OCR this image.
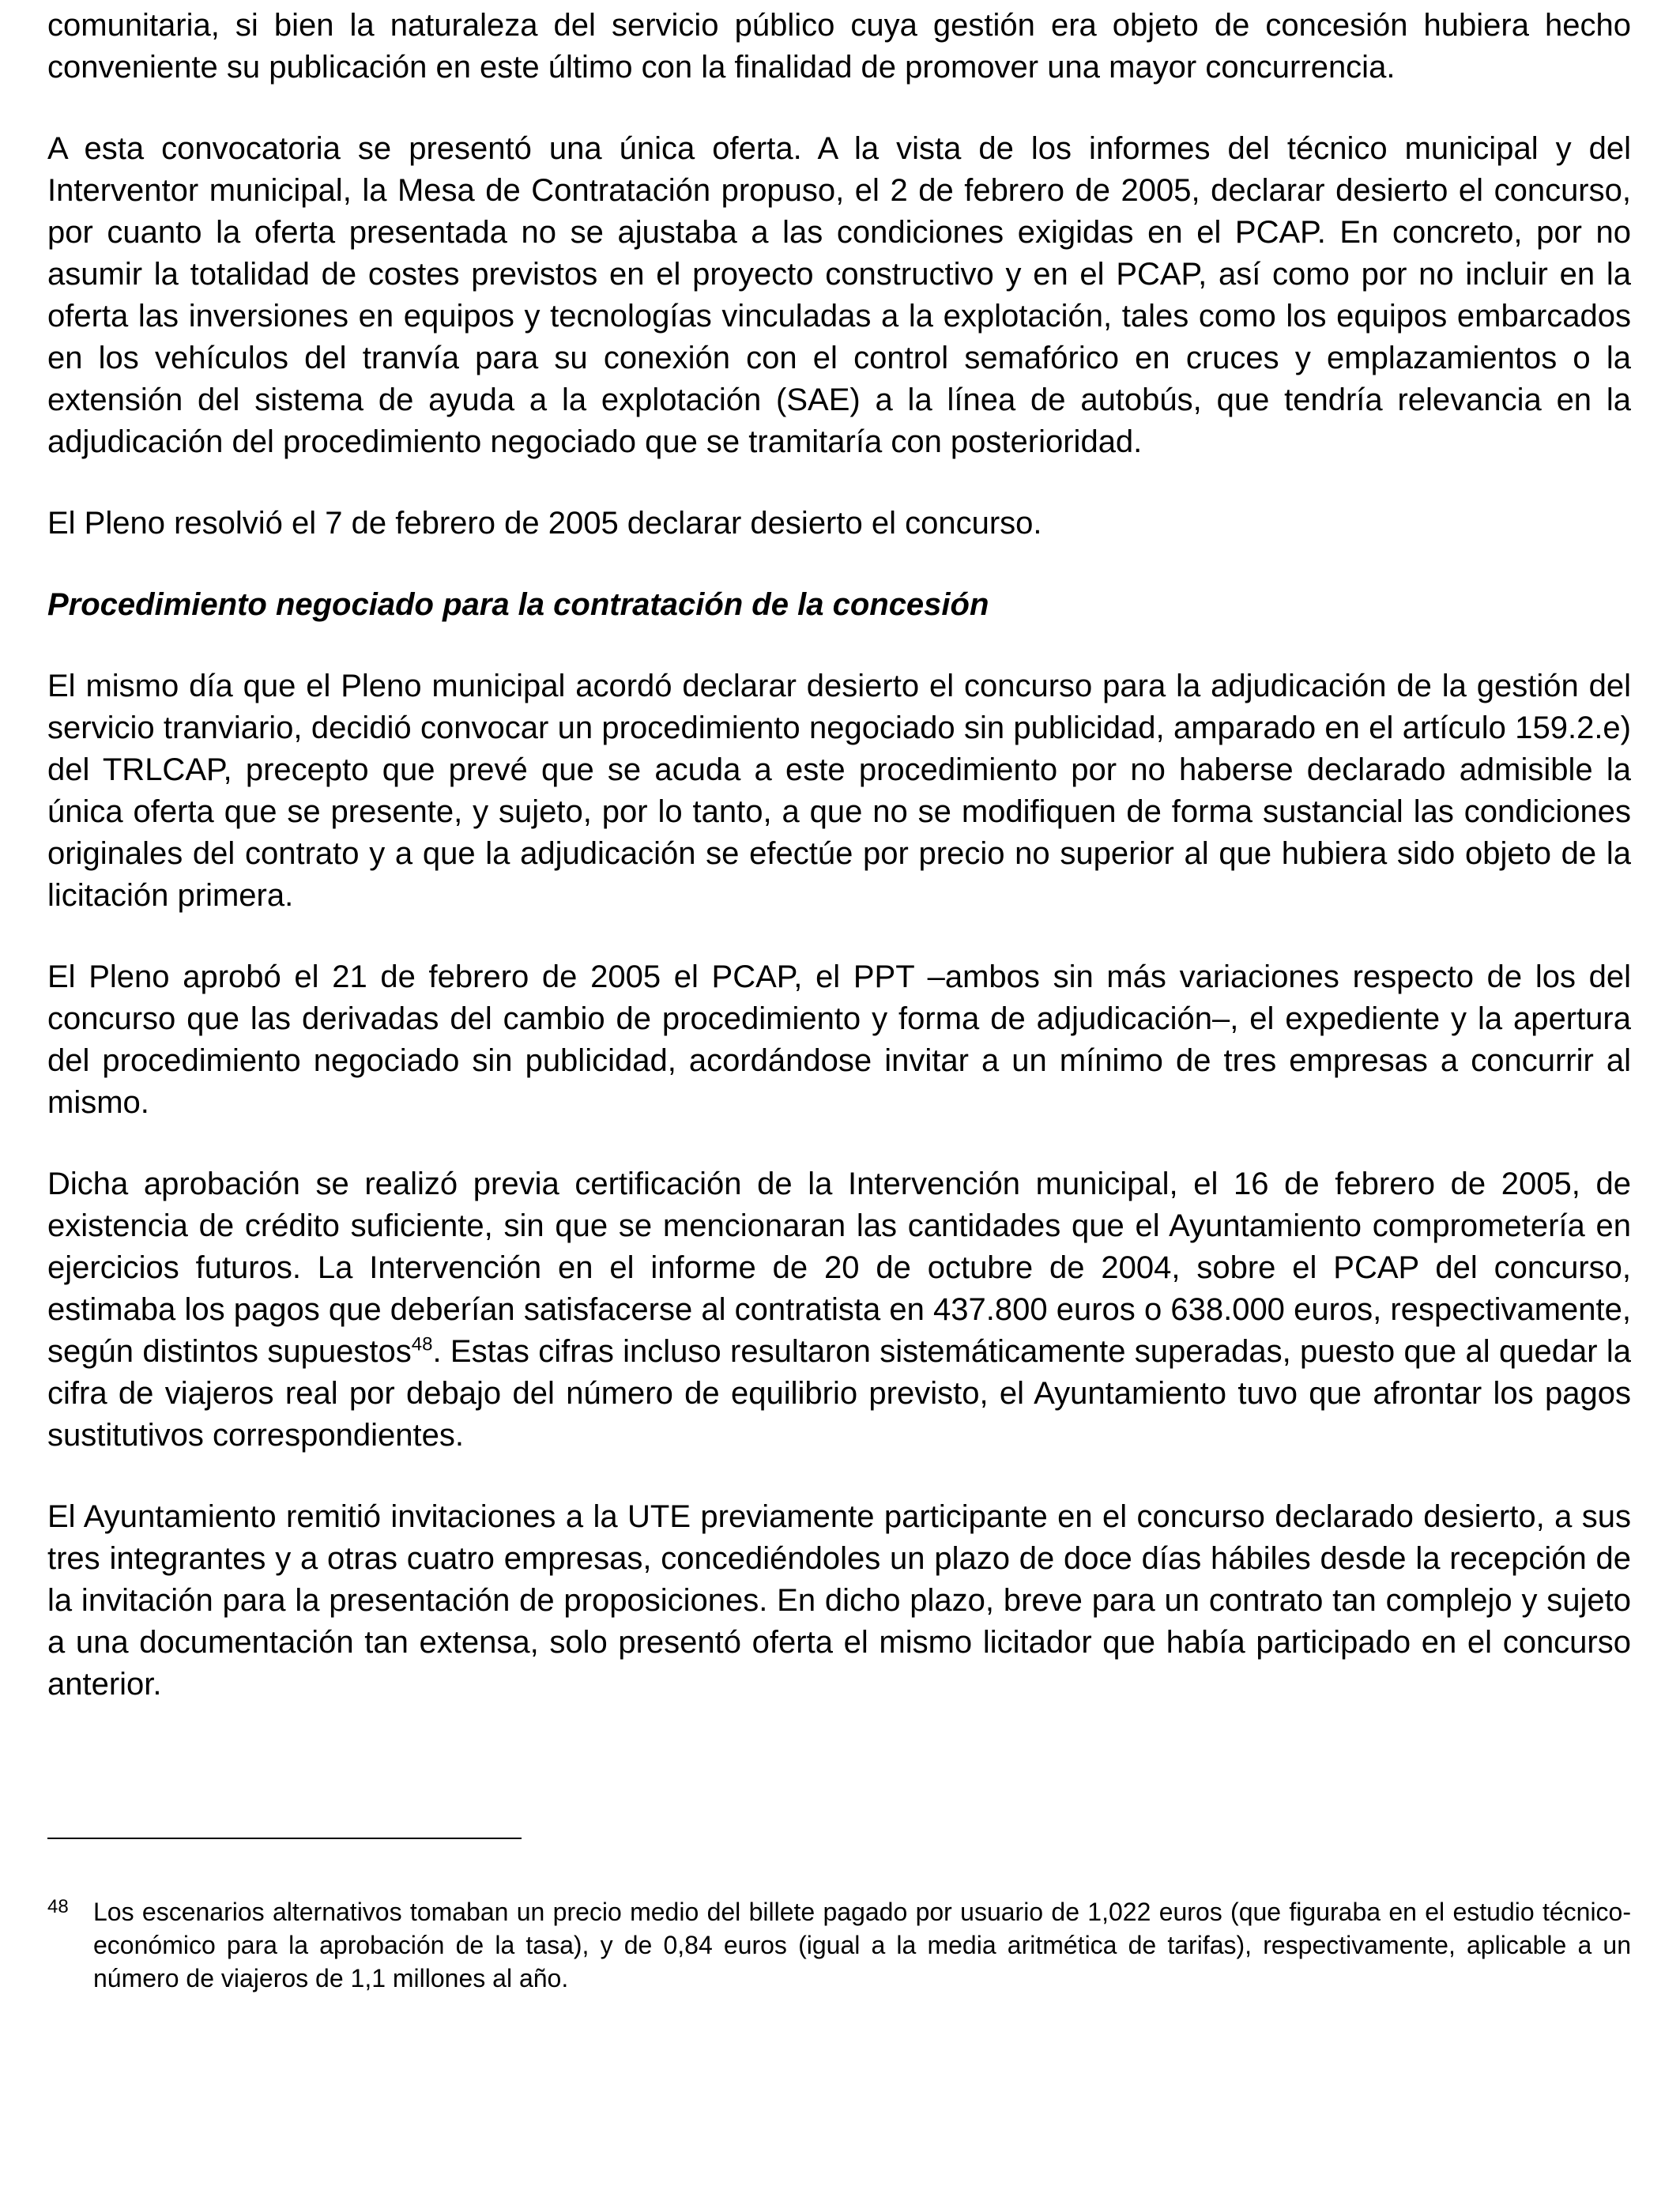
comunitaria, si bien la naturaleza del servicio público cuya gestión era objeto de concesión hubiera hecho conveniente su publicación en este último con la finalidad de promover una mayor concurrencia.

A esta convocatoria se presentó una única oferta. A la vista de los informes del técnico municipal y del Interventor municipal, la Mesa de Contratación propuso, el 2 de febrero de 2005, declarar desierto el concurso, por cuanto la oferta presentada no se ajustaba a las condiciones exigidas en el PCAP. En concreto, por no asumir la totalidad de costes previstos en el proyecto constructivo y en el PCAP, así como por no incluir en la oferta las inversiones en equipos y tecnologías vinculadas a la explotación, tales como los equipos embarcados en los vehículos del tranvía para su conexión con el control semafórico en cruces y emplazamientos o la extensión del sistema de ayuda a la explotación (SAE) a la línea de autobús, que tendría relevancia en la adjudicación del procedimiento negociado que se tramitaría con posterioridad.

El Pleno resolvió el 7 de febrero de 2005 declarar desierto el concurso.

Procedimiento negociado para la contratación de la concesión

El mismo día que el Pleno municipal acordó declarar desierto el concurso para la adjudicación de la gestión del servicio tranviario, decidió convocar un procedimiento negociado sin publicidad, amparado en el artículo 159.2.e) del TRLCAP, precepto que prevé que se acuda a este procedimiento por no haberse declarado admisible la única oferta que se presente, y sujeto, por lo tanto, a que no se modifiquen de forma sustancial las condiciones originales del contrato y a que la adjudicación se efectúe por precio no superior al que hubiera sido objeto de la licitación primera.

El Pleno aprobó el 21 de febrero de 2005 el PCAP, el PPT –ambos sin más variaciones respecto de los del concurso que las derivadas del cambio de procedimiento y forma de adjudicación–, el expediente y la apertura del procedimiento negociado sin publicidad, acordándose invitar a un mínimo de tres empresas a concurrir al mismo.

Dicha aprobación se realizó previa certificación de la Intervención municipal, el 16 de febrero de 2005, de existencia de crédito suficiente, sin que se mencionaran las cantidades que el Ayuntamiento comprometería en ejercicios futuros. La Intervención en el informe de 20 de octubre de 2004, sobre el PCAP del concurso, estimaba los pagos que deberían satisfacerse al contratista en 437.800 euros o 638.000 euros, respectivamente, según distintos supuestos$^{48}$. Estas cifras incluso resultaron sistemáticamente superadas, puesto que al quedar la cifra de viajeros real por debajo del número de equilibrio previsto, el Ayuntamiento tuvo que afrontar los pagos sustitutivos correspondientes.

El Ayuntamiento remitió invitaciones a la UTE previamente participante en el concurso declarado desierto, a sus tres integrantes y a otras cuatro empresas, concediéndoles un plazo de doce días hábiles desde la recepción de la invitación para la presentación de proposiciones. En dicho plazo, breve para un contrato tan complejo y sujeto a una documentación tan extensa, solo presentó oferta el mismo licitador que había participado en el concurso anterior.

48 Los escenarios alternativos tomaban un precio medio del billete pagado por usuario de 1,022 euros (que figuraba en el estudio técnico-económico para la aprobación de la tasa), y de 0,84 euros (igual a la media aritmética de tarifas), respectivamente, aplicable a un número de viajeros de 1,1 millones al año.
